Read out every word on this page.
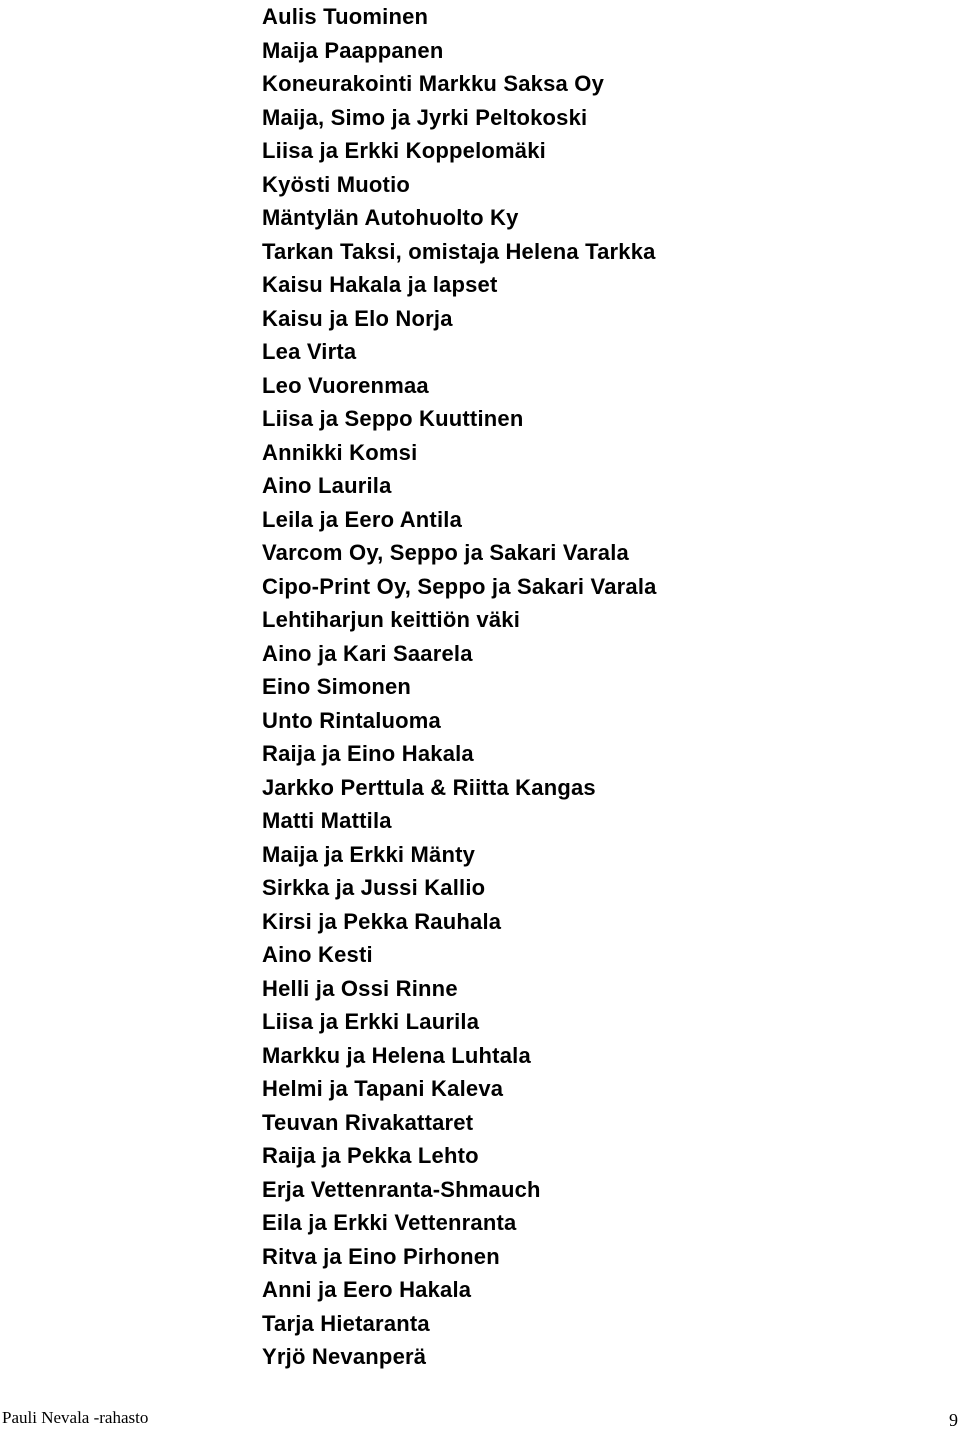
Aulis Tuominen
Maija Paappanen
Koneurakointi Markku Saksa Oy
Maija, Simo ja Jyrki Peltokoski
Liisa ja Erkki Koppelomäki
Kyösti Muotio
Mäntylän Autohuolto Ky
Tarkan Taksi, omistaja Helena Tarkka
Kaisu Hakala ja lapset
Kaisu ja Elo Norja
Lea Virta
Leo Vuorenmaa
Liisa ja Seppo Kuuttinen
Annikki Komsi
Aino Laurila
Leila ja Eero Antila
Varcom Oy, Seppo ja Sakari Varala
Cipo-Print Oy, Seppo ja Sakari Varala
Lehtiharjun keittiön väki
Aino ja Kari Saarela
Eino Simonen
Unto Rintaluoma
Raija ja Eino Hakala
Jarkko Perttula & Riitta Kangas
Matti Mattila
Maija ja Erkki Mänty
Sirkka ja Jussi Kallio
Kirsi ja Pekka Rauhala
Aino Kesti
Helli ja Ossi Rinne
Liisa ja Erkki Laurila
Markku ja Helena Luhtala
Helmi ja Tapani Kaleva
Teuvan Rivakattaret
Raija ja Pekka Lehto
Erja Vettenranta-Shmauch
Eila ja Erkki Vettenranta
Ritva ja Eino Pirhonen
Anni ja Eero Hakala
Tarja Hietaranta
Yrjö Nevanperä
Pauli Nevala -rahasto	9
